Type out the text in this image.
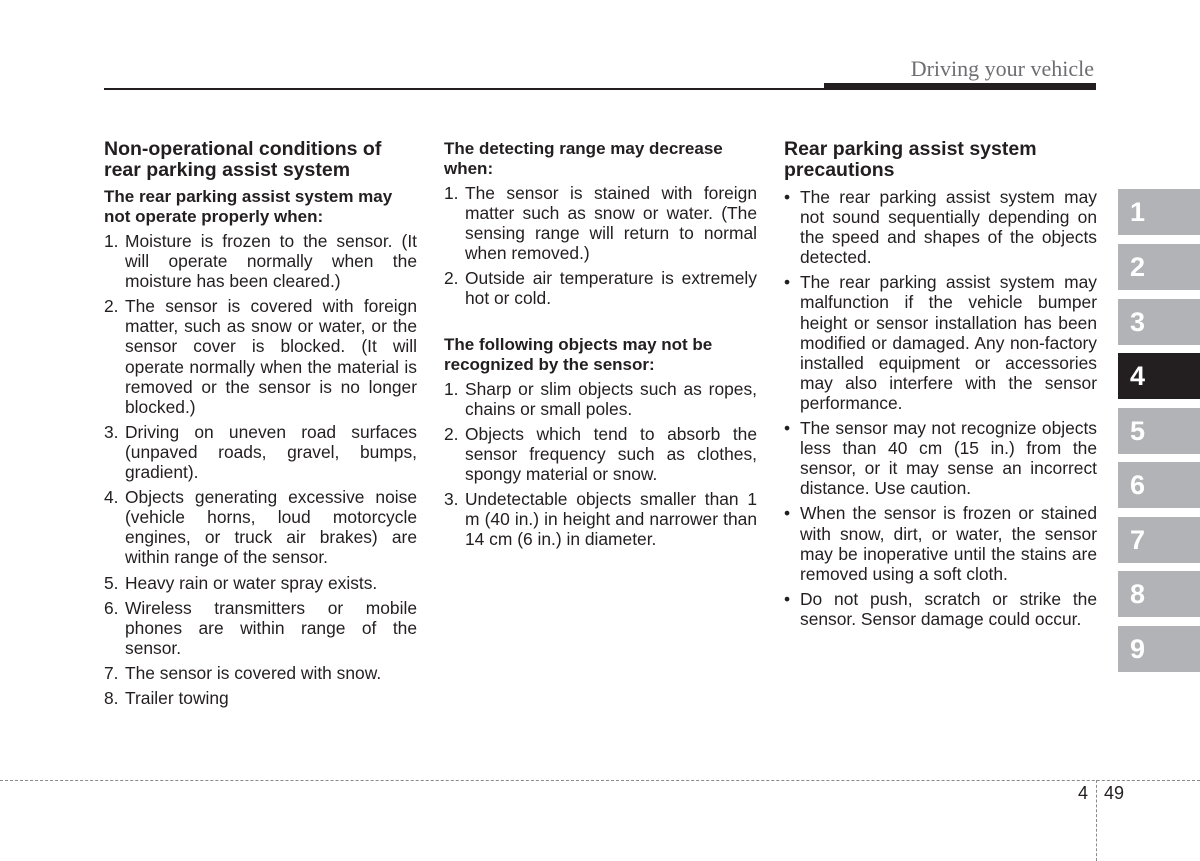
Driving your vehicle
Non-operational conditions of rear parking assist system
The rear parking assist system may not operate properly when:
1. Moisture is frozen to the sensor. (It will operate normally when the moisture has been cleared.)
2. The sensor is covered with foreign matter, such as snow or water, or the sensor cover is blocked. (It will operate normally when the material is removed or the sensor is no longer blocked.)
3. Driving on uneven road surfaces (unpaved roads, gravel, bumps, gradient).
4. Objects generating excessive noise (vehicle horns, loud motorcycle engines, or truck air brakes) are within range of the sensor.
5. Heavy rain or water spray exists.
6. Wireless transmitters or mobile phones are within range of the sensor.
7. The sensor is covered with snow.
8. Trailer towing
The detecting range may decrease when:
1. The sensor is stained with foreign matter such as snow or water. (The sensing range will return to normal when removed.)
2. Outside air temperature is extremely hot or cold.
The following objects may not be recognized by the sensor:
1. Sharp or slim objects such as ropes, chains or small poles.
2. Objects which tend to absorb the sensor frequency such as clothes, spongy material or snow.
3. Undetectable objects smaller than 1 m (40 in.) in height and narrower than 14 cm (6 in.) in diameter.
Rear parking assist system precautions
• The rear parking assist system may not sound sequentially depending on the speed and shapes of the objects detected.
• The rear parking assist system may malfunction if the vehicle bumper height or sensor installation has been modified or damaged. Any non-factory installed equipment or accessories may also interfere with the sensor performance.
• The sensor may not recognize objects less than 40 cm (15 in.) from the sensor, or it may sense an incorrect distance. Use caution.
• When the sensor is frozen or stained with snow, dirt, or water, the sensor may be inoperative until the stains are removed using a soft cloth.
• Do not push, scratch or strike the sensor. Sensor damage could occur.
1
2
3
4
5
6
7
8
9
4 49
